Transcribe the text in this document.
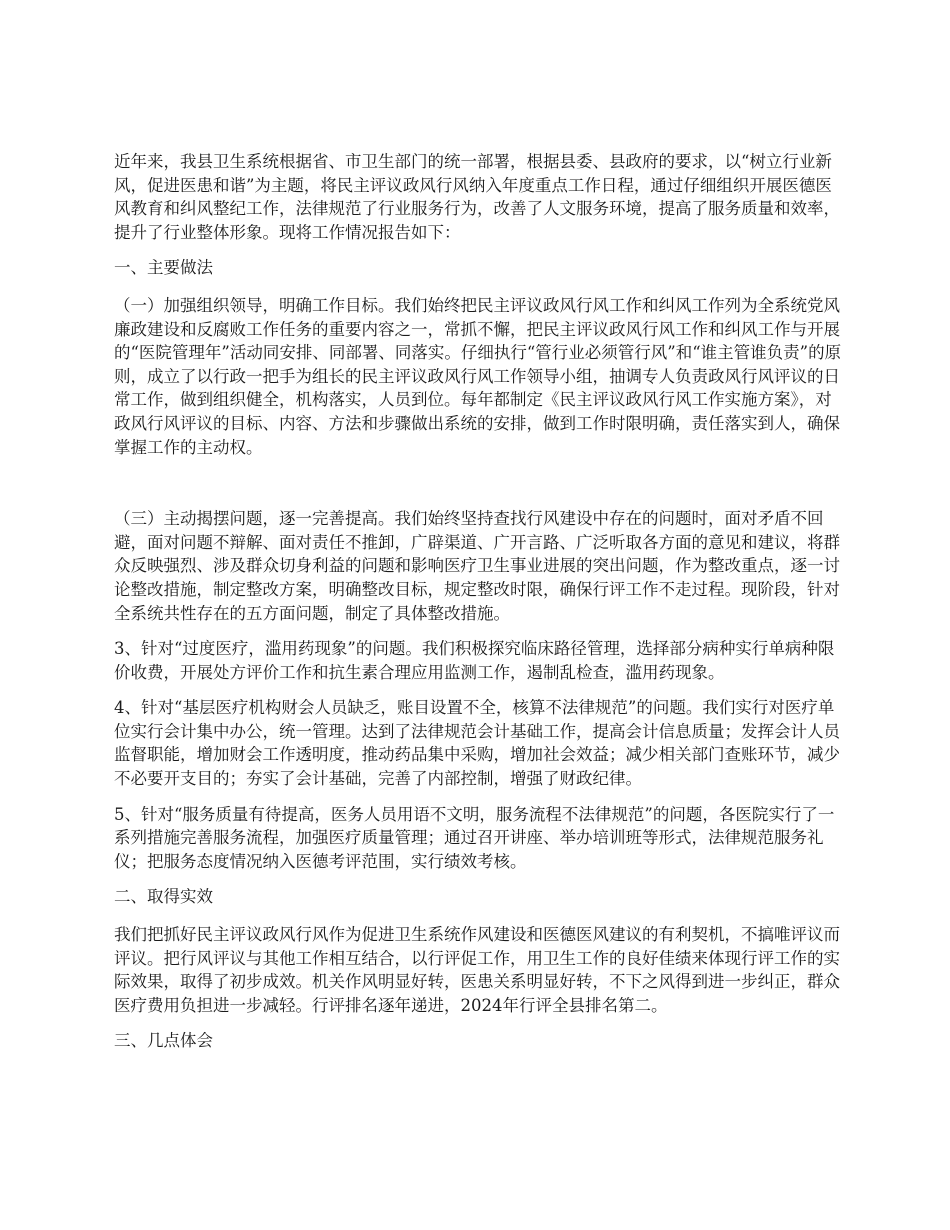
近年来，我县卫生系统根据省、市卫生部门的统一部署，根据县委、县政府的要求，以“树立行业新风，促进医患和谐”为主题，将民主评议政风行风纳入年度重点工作日程，通过仔细组织开展医德医风教育和纠风整纪工作，法律规范了行业服务行为，改善了人文服务环境，提高了服务质量和效率，提升了行业整体形象。现将工作情况报告如下：

一、主要做法

（一）加强组织领导，明确工作目标。我们始终把民主评议政风行风工作和纠风工作列为全系统党风廉政建设和反腐败工作任务的重要内容之一，常抓不懈，把民主评议政风行风工作和纠风工作与开展的“医院管理年”活动同安排、同部署、同落实。仔细执行“管行业必须管行风”和“谁主管谁负责”的原则，成立了以行政一把手为组长的民主评议政风行风工作领导小组，抽调专人负责政风行风评议的日常工作，做到组织健全，机构落实，人员到位。每年都制定《民主评议政风行风工作实施方案》，对政风行风评议的目标、内容、方法和步骤做出系统的安排，做到工作时限明确，责任落实到人，确保掌握工作的主动权。

（三）主动揭摆问题，逐一完善提高。我们始终坚持查找行风建设中存在的问题时，面对矛盾不回避，面对问题不辩解、面对责任不推卸，广辟渠道、广开言路、广泛听取各方面的意见和建议，将群众反映强烈、涉及群众切身利益的问题和影响医疗卫生事业进展的突出问题，作为整改重点，逐一讨论整改措施，制定整改方案，明确整改目标，规定整改时限，确保行评工作不走过程。现阶段，针对全系统共性存在的五方面问题，制定了具体整改措施。

3、针对“过度医疗，滥用药现象”的问题。我们积极探究临床路径管理，选择部分病种实行单病种限价收费，开展处方评价工作和抗生素合理应用监测工作，遏制乱检查，滥用药现象。

4、针对“基层医疗机构财会人员缺乏，账目设置不全，核算不法律规范”的问题。我们实行对医疗单位实行会计集中办公，统一管理。达到了法律规范会计基础工作，提高会计信息质量；发挥会计人员监督职能，增加财会工作透明度，推动药品集中采购，增加社会效益；减少相关部门查账环节，减少不必要开支目的；夯实了会计基础，完善了内部控制，增强了财政纪律。

5、针对“服务质量有待提高，医务人员用语不文明，服务流程不法律规范”的问题，各医院实行了一系列措施完善服务流程，加强医疗质量管理；通过召开讲座、举办培训班等形式，法律规范服务礼仪；把服务态度情况纳入医德考评范围，实行绩效考核。

二、取得实效

我们把抓好民主评议政风行风作为促进卫生系统作风建设和医德医风建议的有利契机，不搞唯评议而评议。把行风评议与其他工作相互结合，以行评促工作，用卫生工作的良好佳绩来体现行评工作的实际效果，取得了初步成效。机关作风明显好转，医患关系明显好转，不下之风得到进一步纠正，群众医疗费用负担进一步减轻。行评排名逐年递进，2024年行评全县排名第二。

三、几点体会
